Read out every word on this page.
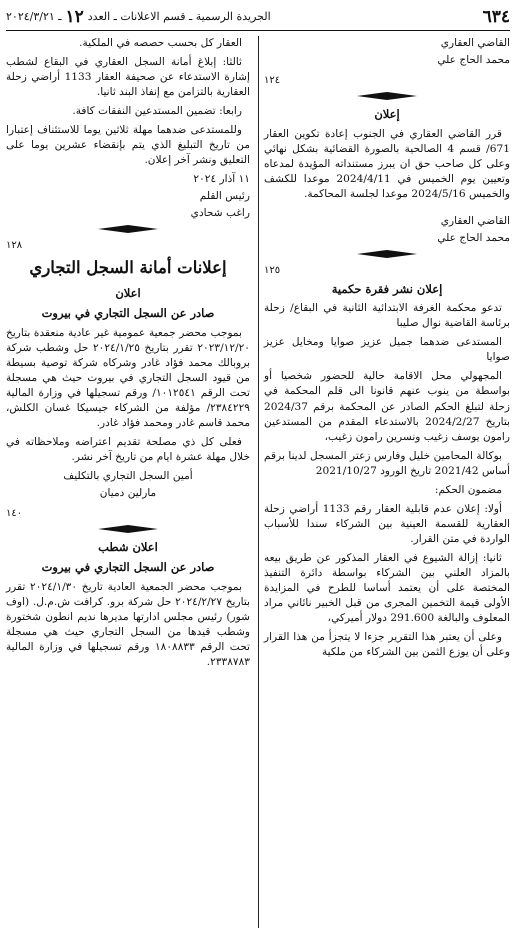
٦٣٤
الجريدة الرسمية ـ قسم الاعلانات ـ العدد
١٢
ـ ٢٠٢٤/٣/٢١
القاضي العقاري
محمد الحاج علي
١٢٤
إعلان

قرر القاضي العقاري في الجنوب إعادة تكوين العقار 671/ قسم 4 الصالحية بالصورة القضائية بشكل نهائي وعلى كل صاحب حق ان يبرز مستنداته المؤيدة لمدعاه وتعيين يوم الخميس في 2024/4/11 موعدا للكشف والخميس 2024/5/16 موعدا لجلسة المحاكمة.

القاضي العقاري
محمد الحاج علي
١٢٥
إعلان نشر فقرة حكمية

تدعو محكمة الغرفة الابتدائية الثانية في البقاع/ زحلة برئاسة القاضية نوال صليبا

المستدعى ضدهما جميل عزيز صوايا ومخايل عزيز صوايا

المجهولي محل الاقامة حالية للحضور شخصيا أو بواسطة من ينوب عنهم قانونا الى قلم المحكمة في زحلة لتبلغ الحكم الصادر عن المحكمة برقم 2024/37 بتاريخ 2024/2/27 بالاستدعاء المقدم من المستدعين رامون يوسف زغيب ونسرين رامون زغيب،

بوكالة المحامين خليل وفارس زعتر المسجل لدينا برقم أساس 2021/42 تاريخ الورود 2021/10/27

مضمون الحكم:

أولا: إعلان عدم قابلية العقار رقم 1133 أراضي زحلة العقارية للقسمة العينية بين الشركاء سندا للأسباب الواردة في متن القرار.

ثانيا: إزالة الشيوع في العقار المذكور عن طريق بيعه بالمزاد العلني بين الشركاء بواسطة دائرة التنفيذ المختصة على أن يعتمد أساسا للطرح في المزايدة الأولى قيمة التخمين المجرى من قبل الخبير نائاني مراد المعلوف والبالغة 291.600 دولار أميركي،

وعلى أن يعتبر هذا التقرير جزءا لا يتجزأ من هذا القرار وعلى أن يوزع الثمن بين الشركاء من ملكية

العقار كل بحسب حصصه في الملكية.

ثالثا: إبلاغ أمانة السجل العقاري في البقاع لشطب إشارة الاستدعاء عن صحيفة العقار 1133 أراضي زحلة العقارية بالتزامن مع إنفاذ البند ثانيا.

رابعا: تضمين المستدعين النفقات كافة.

وللمستدعى ضدهما مهلة ثلاثين يوما للاستئناف إعتبارا من تاريخ التبليغ الذي يتم بإنقضاء عشرين يوما على التعليق ونشر آخر إعلان.

١١ آذار ٢٠٢٤
رئيس القلم
راغب شحادي
١٢٨
إعلانات أمانة السجل التجاري
اعلان
صادر عن السجل التجاري في بيروت

بموجب محضر جمعية عمومية غير عادية منعقدة بتاريخ ٢٠٢٣/١٢/٢٠ تقرر بتاريخ ٢٠٢٤/١/٢٥ حل وشطب شركة بروبالك محمد فؤاد غادر وشركاه شركة توصية بسيطة من قيود السجل التجاري في بيروت حيث هي مسجلة تحت الرقم ١٠١٢٥٤١/ ورقم تسجيلها في وزارة المالية ٢٣٨٤٢٢٩/ مؤلفة من الشركاء جيسيكا غسان الكلش، محمد قاسم غادر ومحمد فؤاد غادر.

فعلى كل ذي مصلحة تقديم اعتراضه وملاحظاته في خلال مهلة عشرة ايام من تاريخ آخر نشر.

أمين السجل التجاري بالتكليف
مارلين دميان
١٤٠
اعلان شطب
صادر عن السجل التجاري في بيروت

بموجب محضر الجمعية العادية تاريخ ٢٠٢٤/١/٣٠ تقرر بتاريخ ٢٠٢٤/٢/٢٧ حل شركة برو. كرافت ش.م.ل. (اوف شور) رئيس مجلس ادارتها مديرها نديم انطون شختورة وشطب قيدها من السجل التجاري حيث هي مسجلة تحت الرقم ١٨٠٨٨٣٣ ورقم تسجيلها في وزارة المالية ٢٣٣٨٧٨٣.
